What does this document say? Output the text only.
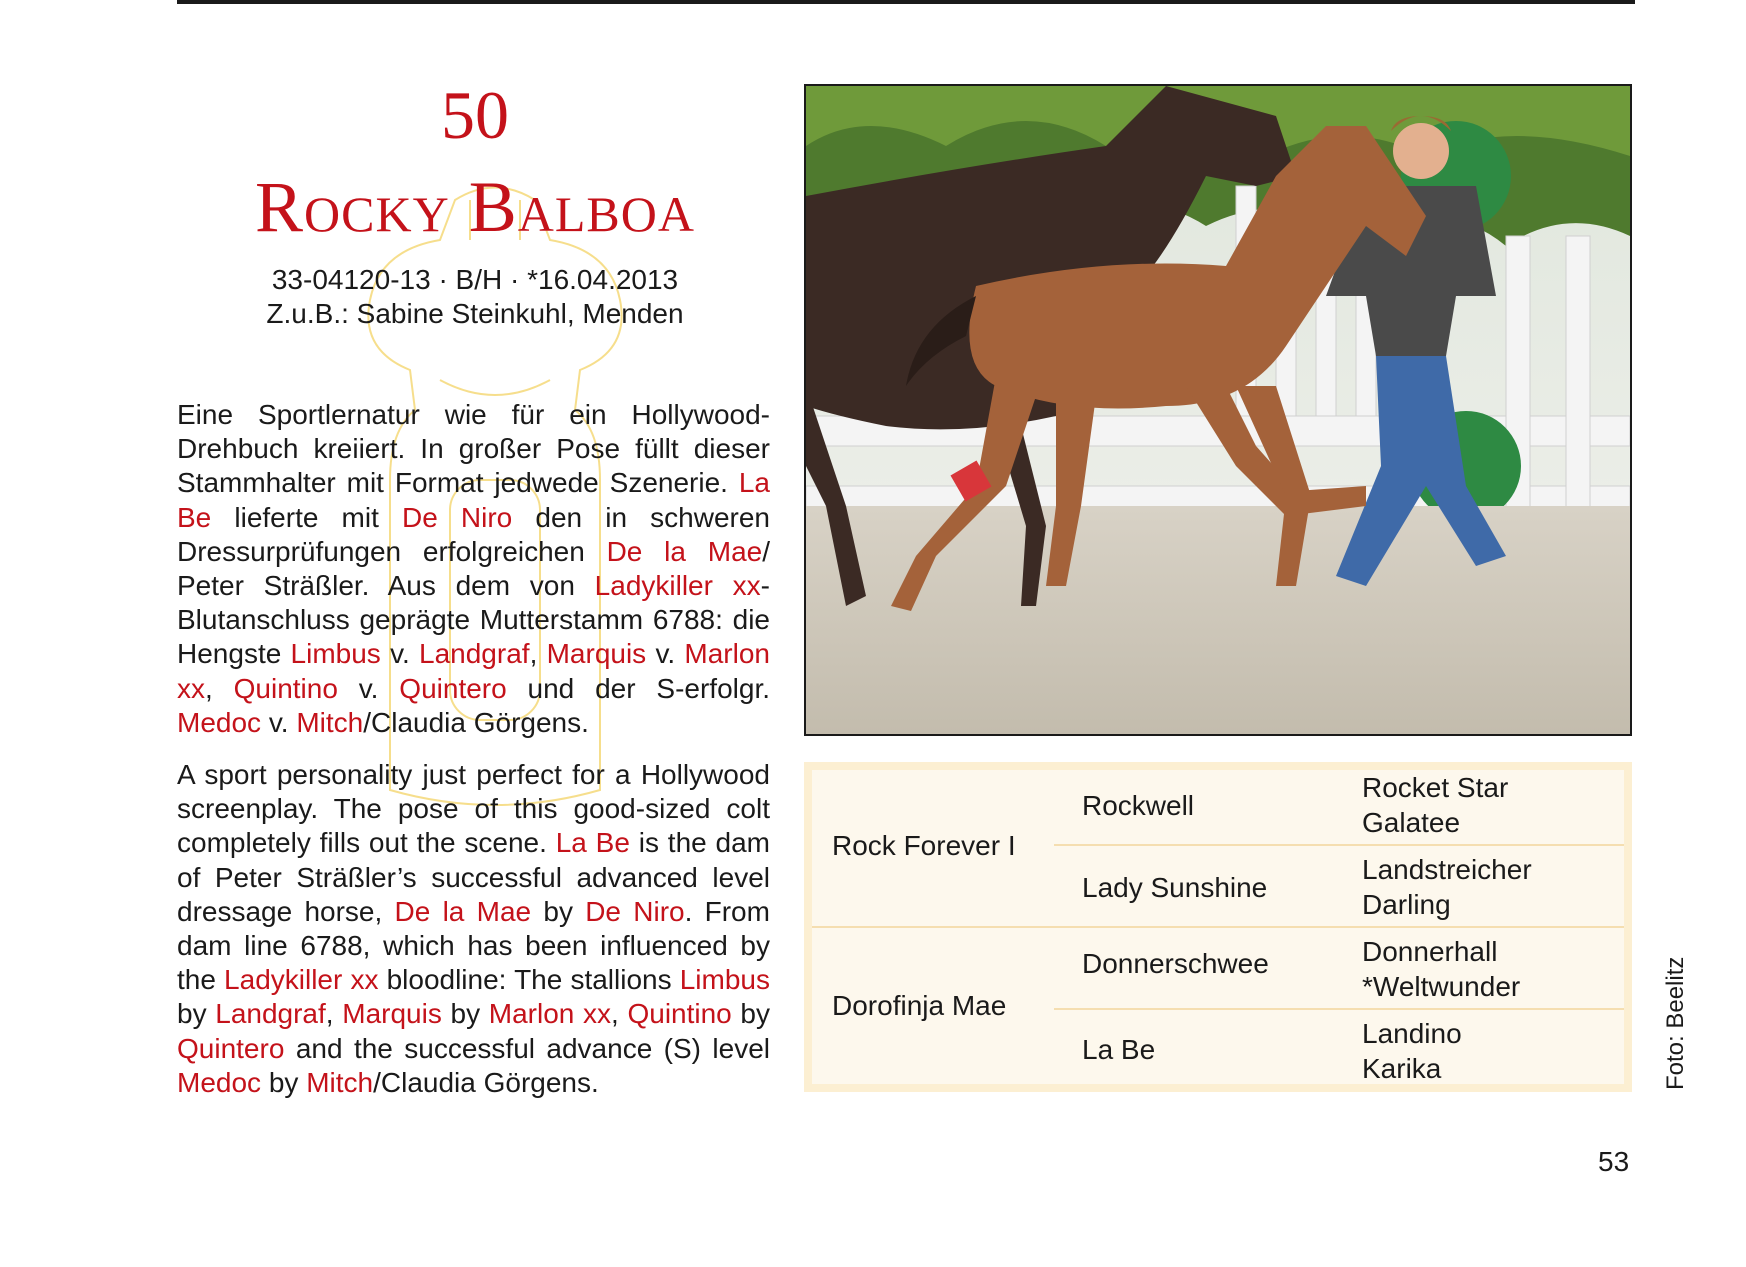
50
Rocky Balboa
33-04120-13 · B/H · *16.04.2013
Z.u.B.: Sabine Steinkuhl, Menden
Eine Sportlernatur wie für ein Hollywood-Drehbuch kreiiert. In großer Pose füllt dieser Stammhalter mit Format jedwede Szenerie. La Be lieferte mit De Niro den in schweren Dressurprüfungen erfolgreichen De la Mae/ Peter Sträßler. Aus dem von Ladykiller xx-Blutanschluss geprägte Mutterstamm 6788: die Hengste Limbus v. Landgraf, Marquis v. Marlon xx, Quintino v. Quintero und der S-erfolgr. Medoc v. Mitch/Claudia Görgens.
A sport personality just perfect for a Hollywood screenplay. The pose of this good-sized colt completely fills out the scene. La Be is the dam of Peter Sträßler’s successful advanced level dressage horse, De la Mae by De Niro. From dam line 6788, which has been influenced by the Ladykiller xx bloodline: The stallions Limbus by Landgraf, Marquis by Marlon xx, Quintino by Quintero and the successful advance (S) level Medoc by Mitch/Claudia Görgens.
Rock Forever I
Dorofinja Mae
Rockwell
Lady Sunshine
Donnerschwee
La Be
Rocket Star
Galatee
Landstreicher
Darling
Donnerhall
*Weltwunder
Landino
Karika	Foto: Beelitz
53
